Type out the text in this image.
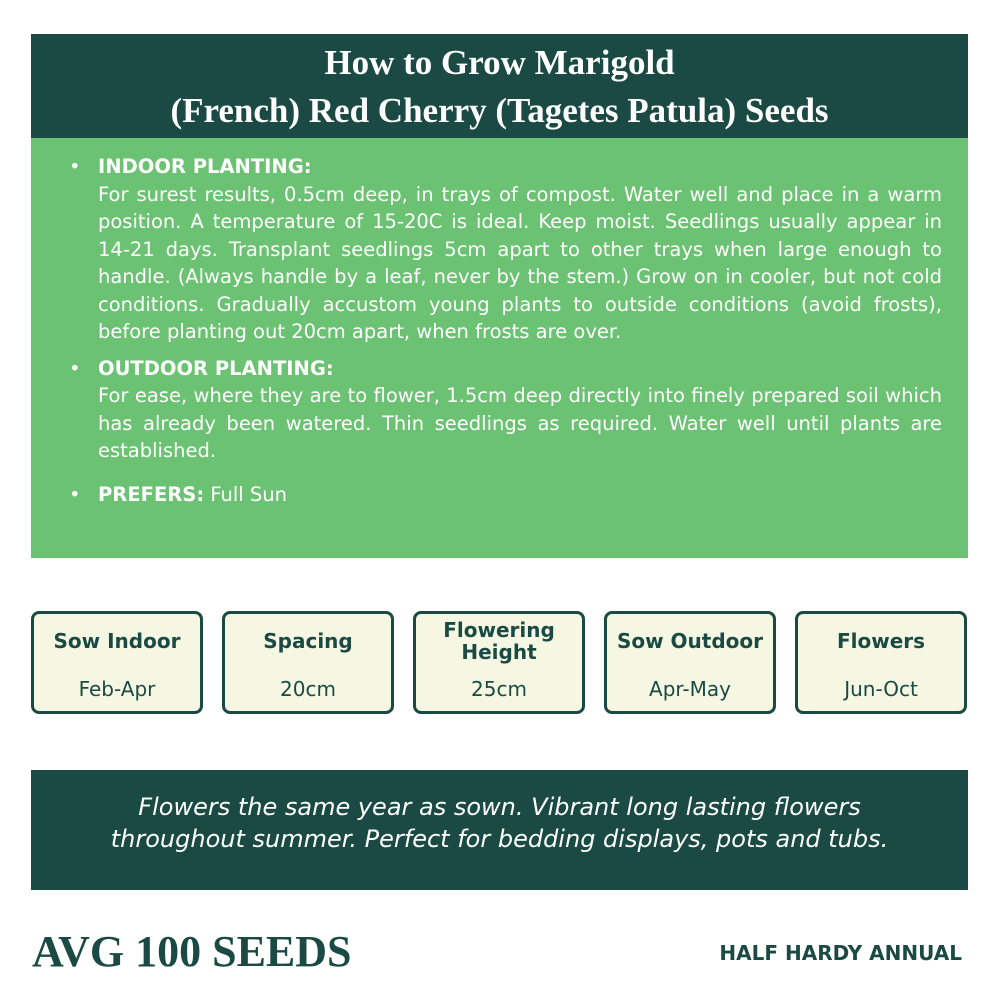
How to Grow Marigold
(French) Red Cherry (Tagetes Patula) Seeds
• INDOOR PLANTING:
For surest results, 0.5cm deep, in trays of compost. Water well and place in a warm position. A temperature of 15-20C is ideal. Keep moist. Seedlings usually appear in 14-21 days. Transplant seedlings 5cm apart to other trays when large enough to handle. (Always handle by a leaf, never by the stem.) Grow on in cooler, but not cold conditions. Gradually accustom young plants to outside conditions (avoid frosts), before planting out 20cm apart, when frosts are over.
• OUTDOOR PLANTING:
For ease, where they are to flower, 1.5cm deep directly into finely prepared soil which has already been watered. Thin seedlings as required. Water well until plants are established.
• PREFERS: Full Sun
Sow Indoor
Feb-Apr
Spacing
20cm
Flowering Height
25cm
Sow Outdoor
Apr-May
Flowers
Jun-Oct
Flowers the same year as sown. Vibrant long lasting flowers
throughout summer. Perfect for bedding displays, pots and tubs.
AVG 100 SEEDS	HALF HARDY ANNUAL
